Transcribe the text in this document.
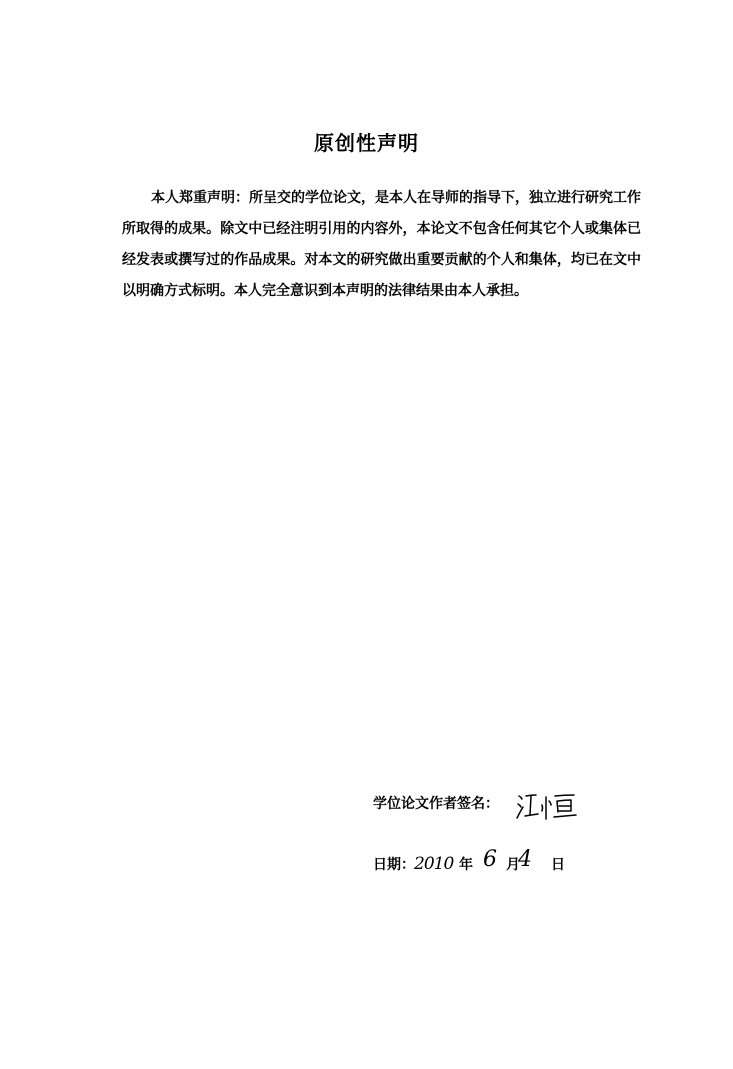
原创性声明

本人郑重声明：所呈交的学位论文，是本人在导师的指导下，独立进行研究工作所取得的成果。除文中已经注明引用的内容外，本论文不包含任何其它个人或集体已经发表或撰写过的作品成果。对本文的研究做出重要贡献的个人和集体，均已在文中以明确方式标明。本人完全意识到本声明的法律结果由本人承担。

学位论文作者签名：
日期： 2010 年 6 月
4 日
